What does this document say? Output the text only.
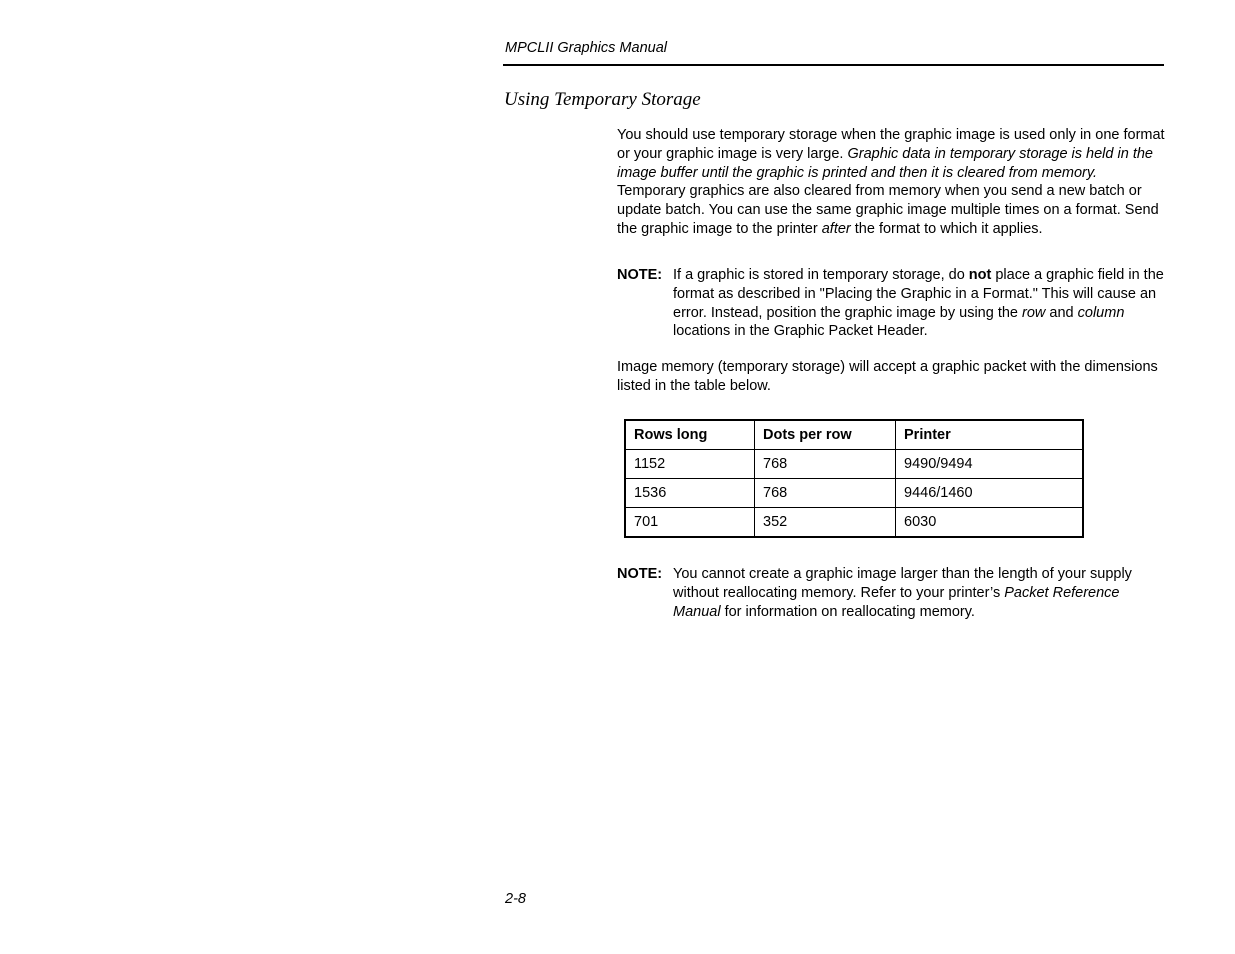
MPCLII Graphics Manual
Using Temporary Storage

You should use temporary storage when the graphic image is used only in one format or your graphic image is very large. Graphic data in temporary storage is held in the image buffer until the graphic is printed and then it is cleared from memory. Temporary graphics are also cleared from memory when you send a new batch or update batch. You can use the same graphic image multiple times on a format. Send the graphic image to the printer after the format to which it applies.

NOTE: If a graphic is stored in temporary storage, do not place a graphic field in the format as described in "Placing the Graphic in a Format." This will cause an error. Instead, position the graphic image by using the row and column locations in the Graphic Packet Header.

Image memory (temporary storage) will accept a graphic packet with the dimensions listed in the table below.

Rows long	Dots per row	Printer
1152	768	9490/9494
1536	768	9446/1460
701	352	6030
NOTE: You cannot create a graphic image larger than the length of your supply without reallocating memory. Refer to your printer’s Packet Reference Manual for information on reallocating memory.
2-8
